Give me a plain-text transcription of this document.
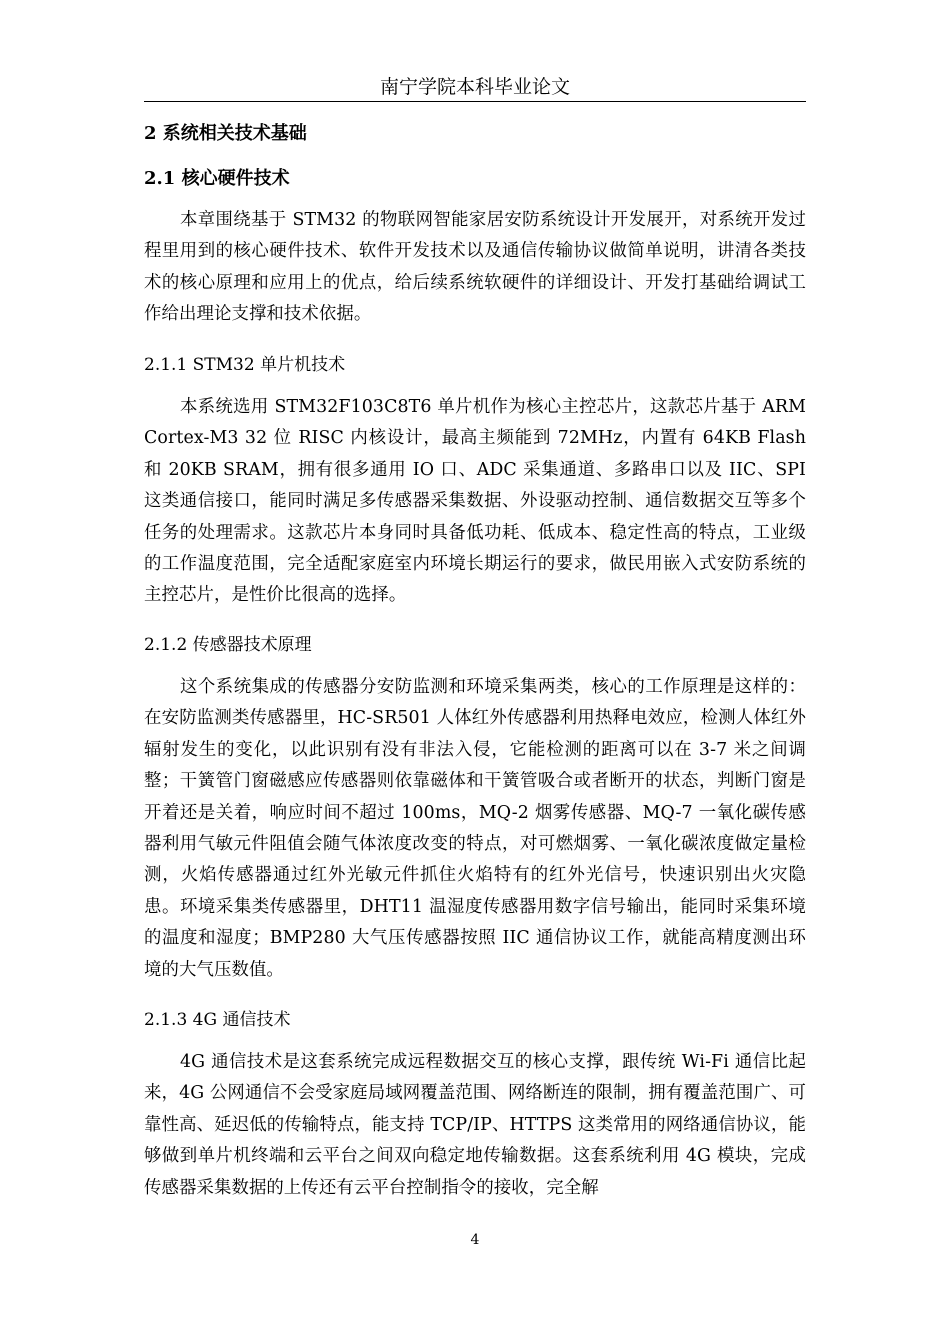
南宁学院本科毕业论文
2 系统相关技术基础
2.1 核心硬件技术

本章围绕基于 STM32 的物联网智能家居安防系统设计开发展开，对系统开发过程里用到的核心硬件技术、软件开发技术以及通信传输协议做简单说明，讲清各类技术的核心原理和应用上的优点，给后续系统软硬件的详细设计、开发打基础给调试工作给出理论支撑和技术依据。

2.1.1 STM32 单片机技术

本系统选用 STM32F103C8T6 单片机作为核心主控芯片，这款芯片基于 ARM Cortex-M3 32 位 RISC 内核设计，最高主频能到 72MHz，内置有 64KB Flash 和 20KB SRAM，拥有很多通用 IO 口、ADC 采集通道、多路串口以及 IIC、SPI 这类通信接口，能同时满足多传感器采集数据、外设驱动控制、通信数据交互等多个任务的处理需求。这款芯片本身同时具备低功耗、低成本、稳定性高的特点，工业级的工作温度范围，完全适配家庭室内环境长期运行的要求，做民用嵌入式安防系统的主控芯片，是性价比很高的选择。

2.1.2 传感器技术原理

这个系统集成的传感器分安防监测和环境采集两类，核心的工作原理是这样的：在安防监测类传感器里，HC-SR501 人体红外传感器利用热释电效应，检测人体红外辐射发生的变化，以此识别有没有非法入侵，它能检测的距离可以在 3-7 米之间调整；干簧管门窗磁感应传感器则依靠磁体和干簧管吸合或者断开的状态，判断门窗是开着还是关着，响应时间不超过 100ms，MQ-2 烟雾传感器、MQ-7 一氧化碳传感器利用气敏元件阻值会随气体浓度改变的特点，对可燃烟雾、一氧化碳浓度做定量检测，火焰传感器通过红外光敏元件抓住火焰特有的红外光信号，快速识别出火灾隐患。环境采集类传感器里，DHT11 温湿度传感器用数字信号输出，能同时采集环境的温度和湿度；BMP280 大气压传感器按照 IIC 通信协议工作，就能高精度测出环境的大气压数值。

2.1.3 4G 通信技术

4G 通信技术是这套系统完成远程数据交互的核心支撑，跟传统 Wi-Fi 通信比起来，4G 公网通信不会受家庭局域网覆盖范围、网络断连的限制，拥有覆盖范围广、可靠性高、延迟低的传输特点，能支持 TCP/IP、HTTPS 这类常用的网络通信协议，能够做到单片机终端和云平台之间双向稳定地传输数据。这套系统利用 4G 模块，完成传感器采集数据的上传还有云平台控制指令的接收，完全解

4
